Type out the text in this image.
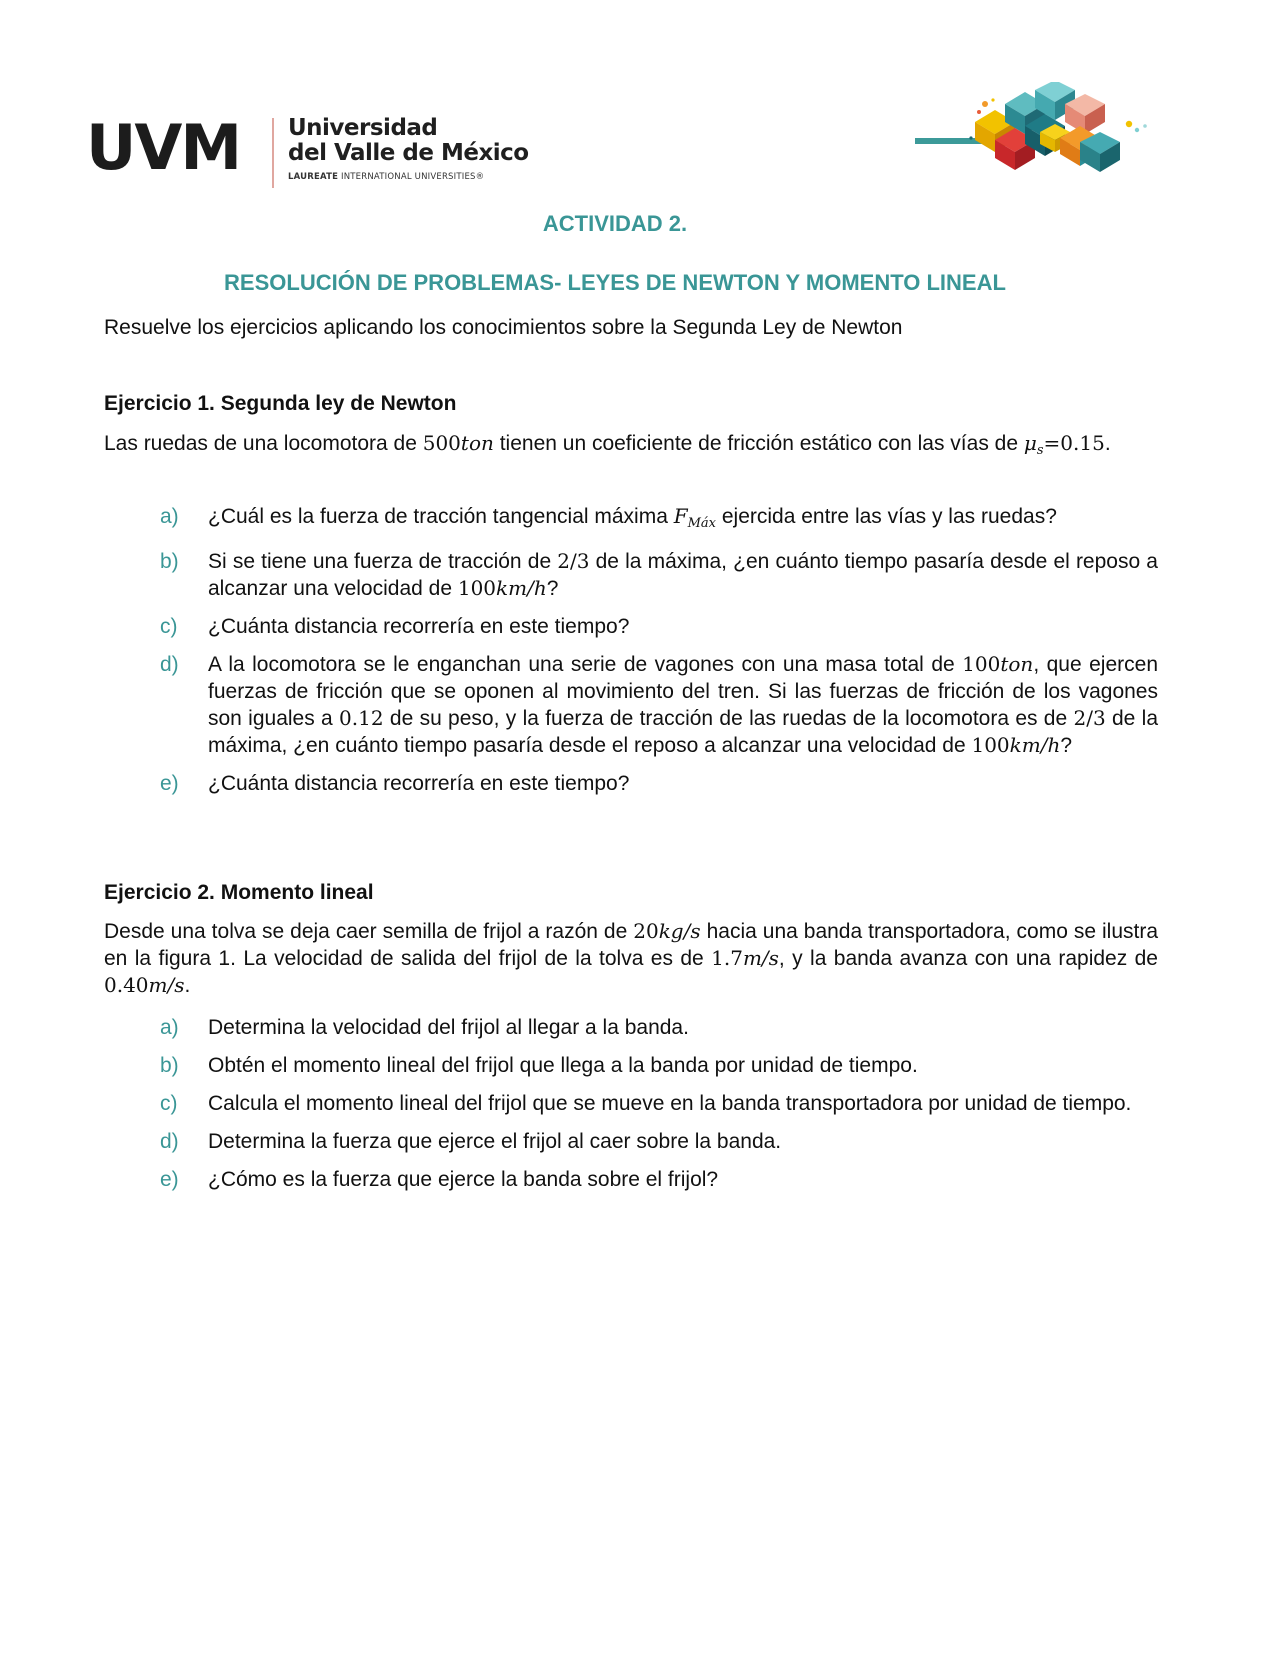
UVM Universidad
del Valle de México
LAUREATE INTERNATIONAL UNIVERSITIES®
ACTIVIDAD 2.
RESOLUCIÓN DE PROBLEMAS- LEYES DE NEWTON Y MOMENTO LINEAL
Resuelve los ejercicios aplicando los conocimientos sobre la Segunda Ley de Newton
Ejercicio 1. Segunda ley de Newton
Las ruedas de una locomotora de 500ton tienen un coeficiente de fricción estático con las vías de $\mu_s=0.15$.
a) ¿Cuál es la fuerza de tracción tangencial máxima $F_{Máx}$ ejercida entre las vías y las ruedas?
b) Si se tiene una fuerza de tracción de 2/3 de la máxima, ¿en cuánto tiempo pasaría desde el reposo a alcanzar una velocidad de 100km/h?
c) ¿Cuánta distancia recorrería en este tiempo?
d) A la locomotora se le enganchan una serie de vagones con una masa total de 100ton, que ejercen fuerzas de fricción que se oponen al movimiento del tren. Si las fuerzas de fricción de los vagones son iguales a 0.12 de su peso, y la fuerza de tracción de las ruedas de la locomotora es de 2/3 de la máxima, ¿en cuánto tiempo pasaría desde el reposo a alcanzar una velocidad de 100km/h?
e) ¿Cuánta distancia recorrería en este tiempo?
Ejercicio 2. Momento lineal
Desde una tolva se deja caer semilla de frijol a razón de 20kg/s hacia una banda transportadora, como se ilustra en la figura 1. La velocidad de salida del frijol de la tolva es de 1.7m/s, y la banda avanza con una rapidez de 0.40m/s.
a) Determina la velocidad del frijol al llegar a la banda.
b) Obtén el momento lineal del frijol que llega a la banda por unidad de tiempo.
c) Calcula el momento lineal del frijol que se mueve en la banda transportadora por unidad de tiempo.
d) Determina la fuerza que ejerce el frijol al caer sobre la banda.
e) ¿Cómo es la fuerza que ejerce la banda sobre el frijol?
